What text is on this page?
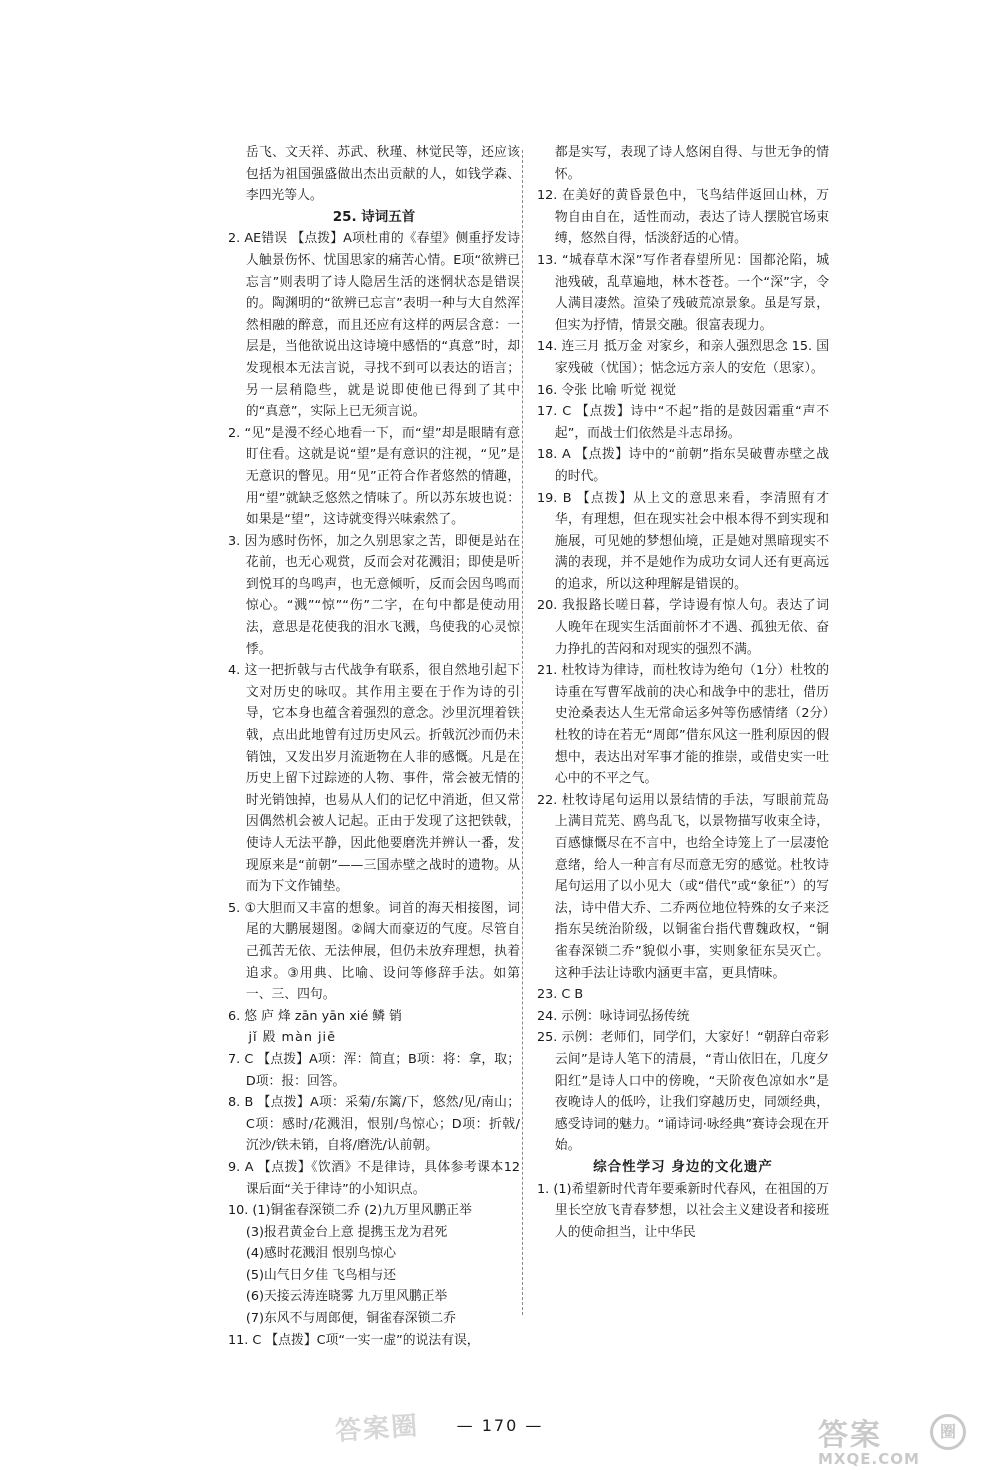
岳飞、文天祥、苏武、秋瑾、林觉民等，还应该包括为祖国强盛做出杰出贡献的人，如钱学森、李四光等人。

25. 诗词五首

2. AE错误 【点拨】A项杜甫的《春望》侧重抒发诗人触景伤怀、忧国思家的痛苦心情。E项“欲辨已忘言”则表明了诗人隐居生活的迷惘状态是错误的。陶渊明的“欲辨已忘言”表明一种与大自然浑然相融的醉意，而且还应有这样的两层含意：一层是，当他欲说出这诗境中感悟的“真意”时，却发现根本无法言说，寻找不到可以表达的语言；另一层稍隐些，就是说即使他已得到了其中的“真意”，实际上已无须言说。

2. “见”是漫不经心地看一下，而“望”却是眼睛有意盯住看。这就是说“望”是有意识的注视，“见”是无意识的瞥见。用“见”正符合作者悠然的情趣，用“望”就缺乏悠然之情味了。所以苏东坡也说：如果是“望”，这诗就变得兴味索然了。

3. 因为感时伤怀，加之久别思家之苦，即便是站在花前，也无心观赏，反而会对花溅泪；即使是听到悦耳的鸟鸣声，也无意倾听，反而会因鸟鸣而惊心。“溅”“惊”“伤”二字，在句中都是使动用法，意思是花使我的泪水飞溅，鸟使我的心灵惊悸。

4. 这一把折戟与古代战争有联系，很自然地引起下文对历史的咏叹。其作用主要在于作为诗的引导，它本身也蕴含着强烈的意念。沙里沉埋着铁戟，点出此地曾有过历史风云。折戟沉沙而仍未销蚀，又发出岁月流逝物在人非的感慨。凡是在历史上留下过踪迹的人物、事件，常会被无情的时光销蚀掉，也易从人们的记忆中消逝，但又常因偶然机会被人记起。正由于发现了这把铁戟，使诗人无法平静，因此他要磨洗并辨认一番，发现原来是“前朝”——三国赤壁之战时的遗物。从而为下文作铺垫。

5. ①大胆而又丰富的想象。词首的海天相接图，词尾的大鹏展翅图。②阔大而豪迈的气度。尽管自己孤苦无依、无法伸展，但仍未放弃理想，执着追求。③用典、比喻、设问等修辞手法。如第一、三、四句。

6. 悠 庐 烽 zān yān xié 鳞 销

jǐ 殿 màn jiē

7. C 【点拨】A项：浑：简直；B项：将：拿，取；D项：报：回答。

8. B 【点拨】A项：采菊/东篱/下，悠然/见/南山；C项：感时/花溅泪，恨别/鸟惊心；D项：折戟/沉沙/铁未销，自将/磨洗/认前朝。

9. A 【点拨】《饮酒》不是律诗，具体参考课本12课后面“关于律诗”的小知识点。

10. (1)铜雀春深锁二乔 (2)九万里风鹏正举

(3)报君黄金台上意 提携玉龙为君死

(4)感时花溅泪 恨别鸟惊心

(5)山气日夕佳 飞鸟相与还

(6)天接云涛连晓雾 九万里风鹏正举

(7)东风不与周郎便，铜雀春深锁二乔

11. C 【点拨】C项“一实一虚”的说法有误，

都是实写，表现了诗人悠闲自得、与世无争的情怀。

12. 在美好的黄昏景色中，飞鸟结伴返回山林，万物自由自在，适性而动，表达了诗人摆脱官场束缚，悠然自得，恬淡舒适的心情。

13. “城春草木深”写作者春望所见：国都沦陷，城池残破，乱草遍地，林木苍苍。一个“深”字，令人满目凄然。渲染了残破荒凉景象。虽是写景，但实为抒情，情景交融。很富表现力。

14. 连三月 抵万金 对家乡，和亲人强烈思念 15. 国家残破（忧国）；惦念远方亲人的安危（思家）。

16. 令张 比喻 听觉 视觉

17. C 【点拨】诗中“不起”指的是鼓因霜重“声不起”，而战士们依然是斗志昂扬。

18. A 【点拨】诗中的“前朝”指东吴破曹赤壁之战的时代。

19. B 【点拨】从上文的意思来看，李清照有才华，有理想，但在现实社会中根本得不到实现和施展，可见她的梦想仙境，正是她对黑暗现实不满的表现，并不是她作为成功女词人还有更高远的追求，所以这种理解是错误的。

20. 我报路长嗟日暮，学诗谩有惊人句。表达了词人晚年在现实生活面前怀才不遇、孤独无依、奋力挣扎的苦闷和对现实的强烈不满。

21. 杜牧诗为律诗，而杜牧诗为绝句（1分）杜牧的诗重在写曹军战前的决心和战争中的悲壮，借历史沧桑表达人生无常命运多舛等伤感情绪（2分）杜牧的诗在若无“周郎”借东风这一胜利原因的假想中，表达出对军事才能的推崇，或借史实一吐心中的不平之气。

22. 杜牧诗尾句运用以景结情的手法，写眼前荒岛上满目荒芜、鸥鸟乱飞，以景物描写收束全诗，百感慷慨尽在不言中，也给全诗笼上了一层凄怆意绪，给人一种言有尽而意无穷的感觉。杜牧诗尾句运用了以小见大（或“借代”或“象征”）的写法，诗中借大乔、二乔两位地位特殊的女子来泛指东吴统治阶级，以铜雀台指代曹魏政权，“铜雀春深锁二乔”貌似小事，实则象征东吴灭亡。这种手法让诗歌内涵更丰富，更具情味。

23. C B

24. 示例：咏诗词弘扬传统

25. 示例：老师们，同学们，大家好！“朝辞白帝彩云间”是诗人笔下的清晨，“青山依旧在，几度夕阳红”是诗人口中的傍晚，“天阶夜色凉如水”是夜晚诗人的低吟，让我们穿越历史，同颂经典，感受诗词的魅力。“诵诗词·咏经典”赛诗会现在开始。

综合性学习 身边的文化遗产

1. (1)希望新时代青年要乘新时代春风，在祖国的万里长空放飞青春梦想，以社会主义建设者和接班人的使命担当，让中华民

答案圈	— 170 —	答案	圈
MXQE.COM
